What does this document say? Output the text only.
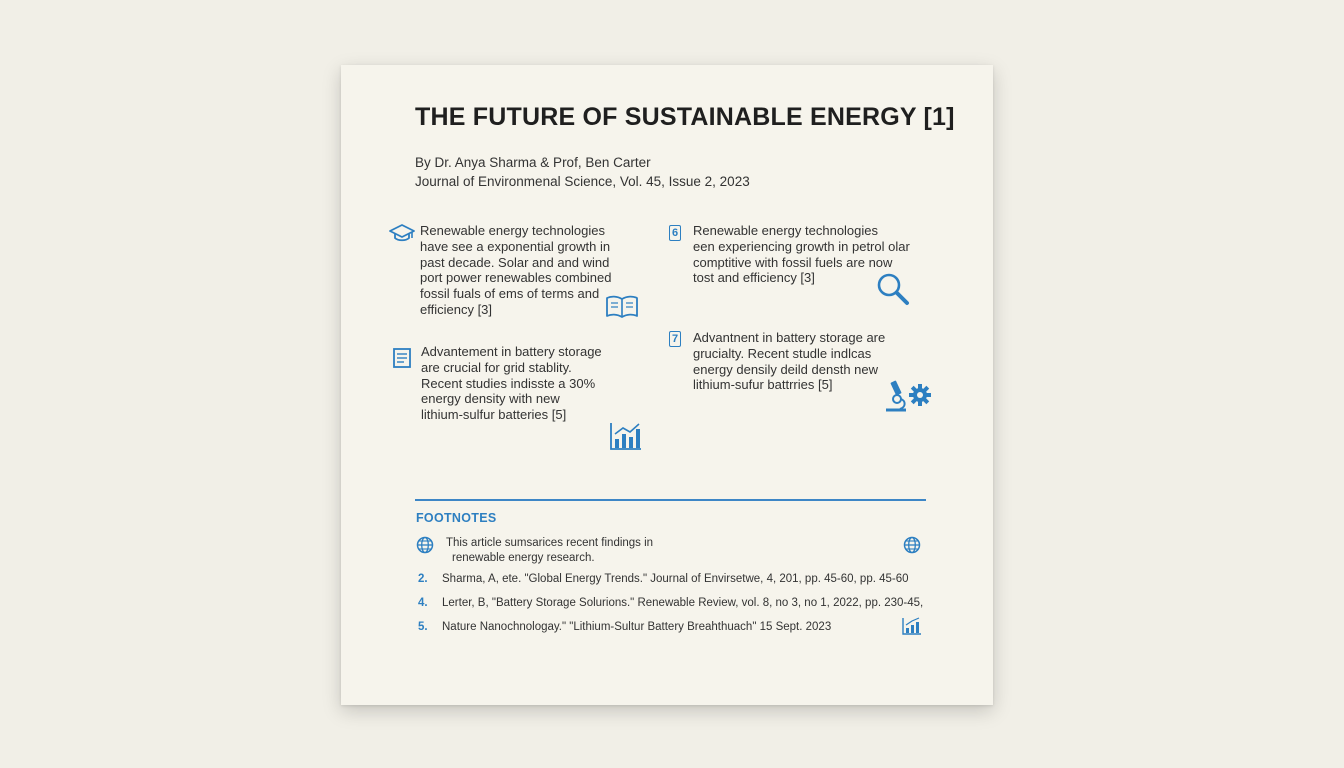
THE FUTURE OF SUSTAINABLE ENERGY [1]
By Dr. Anya Sharma & Prof, Ben Carter
Journal of Environmenal Science, Vol. 45, Issue 2, 2023
Renewable energy technologies
have see a exponential growth in
past decade. Solar and and wind
port power renewables combined
fossil fuals of ems of terms and
efficiency [3]
6 Renewable energy technologies
een experiencing growth in petrol olar
comptitive with fossil fuels are now
tost and efficiency [3]
Advantement in battery storage
are crucial for grid stablity.
Recent studies indisste a 30%
energy density with new
lithium-sulfur batteries [5]
7 Advantnent in battery storage are
grucialty. Recent studle indlcas
energy densily deild densth new
lithium-sufur battrries [5]
FOOTNOTES
This article sumsarices recent findings in
renewable energy research.
2. Sharma, A, ete. "Global Energy Trends." Journal of Envirsetwe, 4, 201, pp. 45-60, pp. 45-60
4. Lerter, B, "Battery Storage Solurions." Renewable Review, vol. 8, no 3, no 1, 2022, pp. 230-45,
5. Nature Nanochnologay." "Lithium-Sultur Battery Breahthuach" 15 Sept. 2023
